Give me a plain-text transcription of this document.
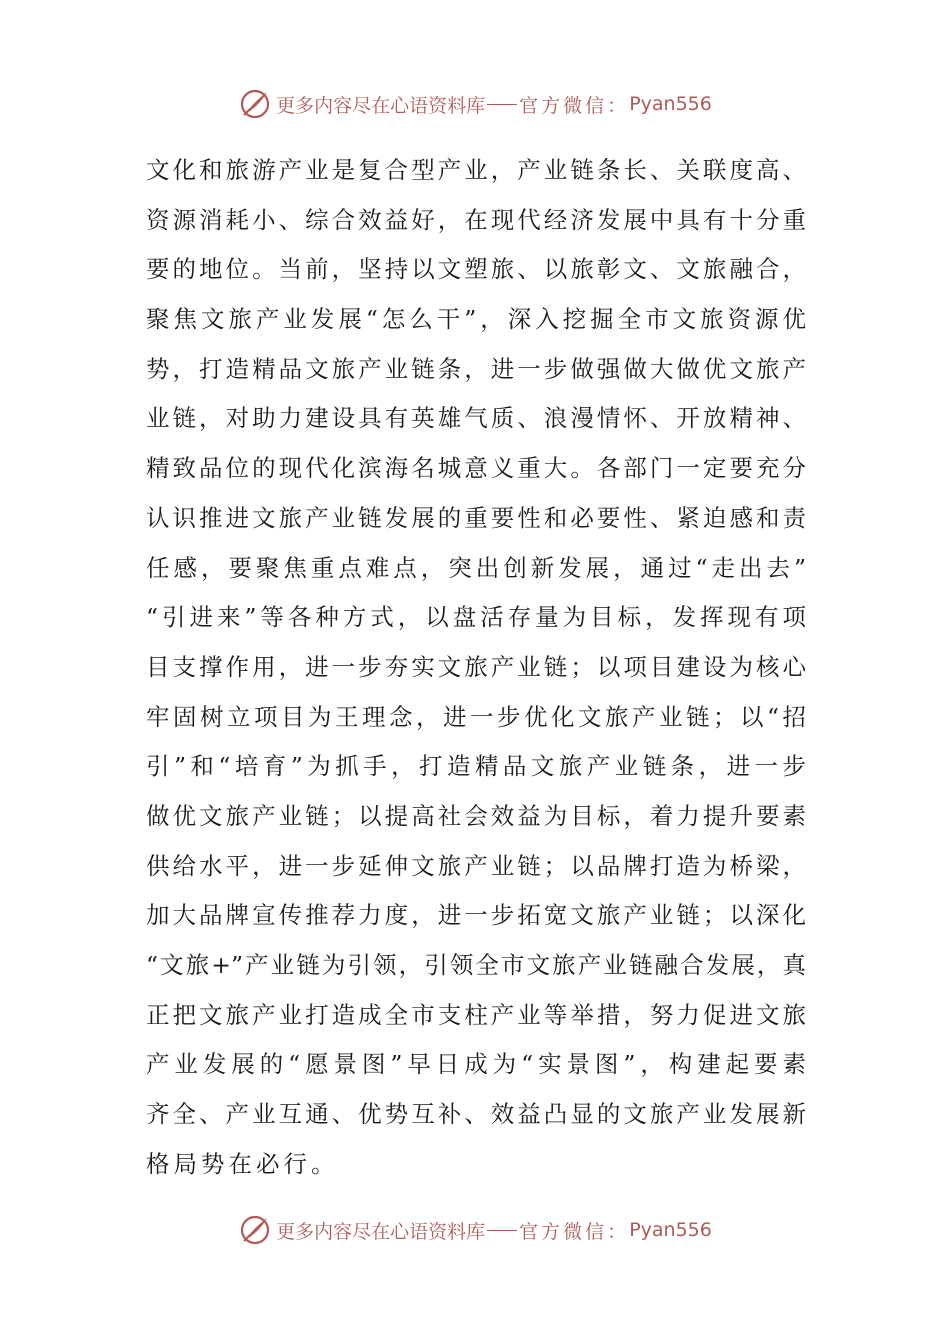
更多内容尽在心语资料库 官方微信： Pyan556
文化和旅游产业是复合型产业，产业链条长、关联度高、
资源消耗小、综合效益好，在现代经济发展中具有十分重
要的地位。当前，坚持以文塑旅、以旅彰文、文旅融合，
聚焦文旅产业发展“怎么干”，深入挖掘全市文旅资源优
势，打造精品文旅产业链条，进一步做强做大做优文旅产
业链，对助力建设具有英雄气质、浪漫情怀、开放精神、
精致品位的现代化滨海名城意义重大。各部门一定要充分
认识推进文旅产业链发展的重要性和必要性、紧迫感和责
任感，要聚焦重点难点，突出创新发展，通过“走出去”
“引进来”等各种方式，以盘活存量为目标，发挥现有项
目支撑作用，进一步夯实文旅产业链；以项目建设为核心
牢固树立项目为王理念，进一步优化文旅产业链；以“招
引”和“培育”为抓手，打造精品文旅产业链条，进一步
做优文旅产业链；以提高社会效益为目标，着力提升要素
供给水平，进一步延伸文旅产业链；以品牌打造为桥梁，
加大品牌宣传推荐力度，进一步拓宽文旅产业链；以深化
“文旅+”产业链为引领，引领全市文旅产业链融合发展，真
正把文旅产业打造成全市支柱产业等举措，努力促进文旅
产业发展的“愿景图”早日成为“实景图”，构建起要素
齐全、产业互通、优势互补、效益凸显的文旅产业发展新
格局势在必行。
更多内容尽在心语资料库 官方微信： Pyan556
